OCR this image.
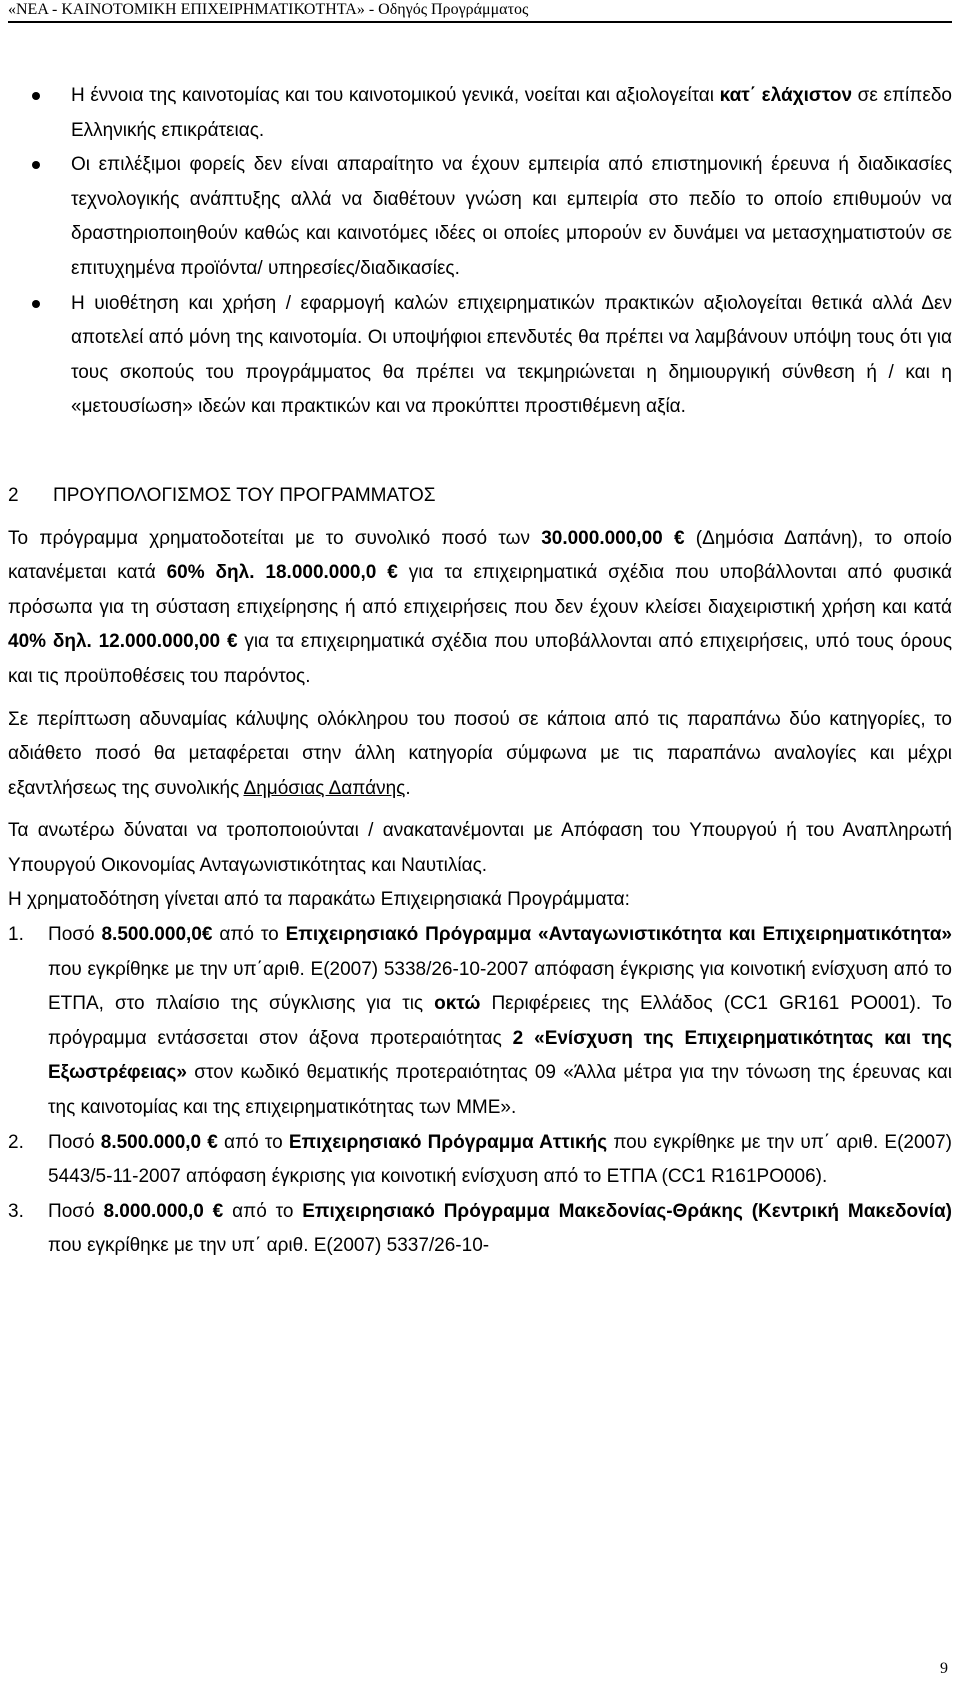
«ΝΕΑ - ΚΑΙΝΟΤΟΜΙΚΗ ΕΠΙΧΕΙΡΗΜΑΤΙΚΟΤΗΤΑ» - Οδηγός Προγράμματος

Η έννοια της καινοτομίας και του καινοτομικού γενικά, νοείται και αξιολογείται κατ΄ ελάχιστον σε επίπεδο Ελληνικής επικράτειας.

Οι επιλέξιμοι φορείς δεν είναι απαραίτητο να έχουν εμπειρία από επιστημονική έρευνα ή διαδικασίες τεχνολογικής ανάπτυξης αλλά να διαθέτουν γνώση και εμπειρία στο πεδίο το οποίο επιθυμούν να δραστηριοποιηθούν καθώς και καινοτόμες ιδέες οι οποίες μπορούν εν δυνάμει να μετασχηματιστούν σε επιτυχημένα προϊόντα/ υπηρεσίες/διαδικασίες.

Η υιοθέτηση και χρήση / εφαρμογή καλών επιχειρηματικών πρακτικών αξιολογείται θετικά αλλά Δεν αποτελεί από μόνη της καινοτομία. Οι υποψήφιοι επενδυτές θα πρέπει να λαμβάνουν υπόψη τους ότι για τους σκοπούς του προγράμματος θα πρέπει να τεκμηριώνεται η δημιουργική σύνθεση ή / και η «μετουσίωση» ιδεών και πρακτικών και να προκύπτει προστιθέμενη αξία.

2 ΠΡΟΥΠΟΛΟΓΙΣΜΟΣ ΤΟΥ ΠΡΟΓΡΑΜΜΑΤΟΣ

Το πρόγραμμα χρηματοδοτείται με το συνολικό ποσό των 30.000.000,00 € (Δημόσια Δαπάνη), το οποίο κατανέμεται κατά 60% δηλ. 18.000.000,0 € για τα επιχειρηματικά σχέδια που υποβάλλονται από φυσικά πρόσωπα για τη σύσταση επιχείρησης ή από επιχειρήσεις που δεν έχουν κλείσει διαχειριστική χρήση και κατά 40% δηλ. 12.000.000,00 € για τα επιχειρηματικά σχέδια που υποβάλλονται από επιχειρήσεις, υπό τους όρους και τις προϋποθέσεις του παρόντος.

Σε περίπτωση αδυναμίας κάλυψης ολόκληρου του ποσού σε κάποια από τις παραπάνω δύο κατηγορίες, το αδιάθετο ποσό θα μεταφέρεται στην άλλη κατηγορία σύμφωνα με τις παραπάνω αναλογίες και μέχρι εξαντλήσεως της συνολικής Δημόσιας Δαπάνης.

Τα ανωτέρω δύναται να τροποποιούνται / ανακατανέμονται με Απόφαση του Υπουργού ή του Αναπληρωτή Υπουργού Οικονομίας Ανταγωνιστικότητας και Ναυτιλίας.

Η χρηματοδότηση γίνεται από τα παρακάτω Επιχειρησιακά Προγράμματα:

1. Ποσό 8.500.000,0€ από το Επιχειρησιακό Πρόγραμμα «Ανταγωνιστικότητα και Επιχειρηματικότητα» που εγκρίθηκε με την υπ΄αριθ. Ε(2007) 5338/26-10-2007 απόφαση έγκρισης για κοινοτική ενίσχυση από το ΕΤΠΑ, στο πλαίσιο της σύγκλισης για τις οκτώ Περιφέρειες της Ελλάδος (CC1 GR161 PO001). Το πρόγραμμα εντάσσεται στον άξονα προτεραιότητας 2 «Ενίσχυση της Επιχειρηματικότητας και της Εξωστρέφειας» στον κωδικό θεματικής προτεραιότητας 09 «Άλλα μέτρα για την τόνωση της έρευνας και της καινοτομίας και της επιχειρηματικότητας των ΜΜΕ».

2. Ποσό 8.500.000,0 € από το Επιχειρησιακό Πρόγραμμα Αττικής που εγκρίθηκε με την υπ΄ αριθ. Ε(2007) 5443/5-11-2007 απόφαση έγκρισης για κοινοτική ενίσχυση από το ΕΤΠΑ (CC1 R161PO006).

3. Ποσό 8.000.000,0 € από το Επιχειρησιακό Πρόγραμμα Μακεδονίας-Θράκης (Κεντρική Μακεδονία) που εγκρίθηκε με την υπ΄ αριθ. Ε(2007) 5337/26-10-

9
